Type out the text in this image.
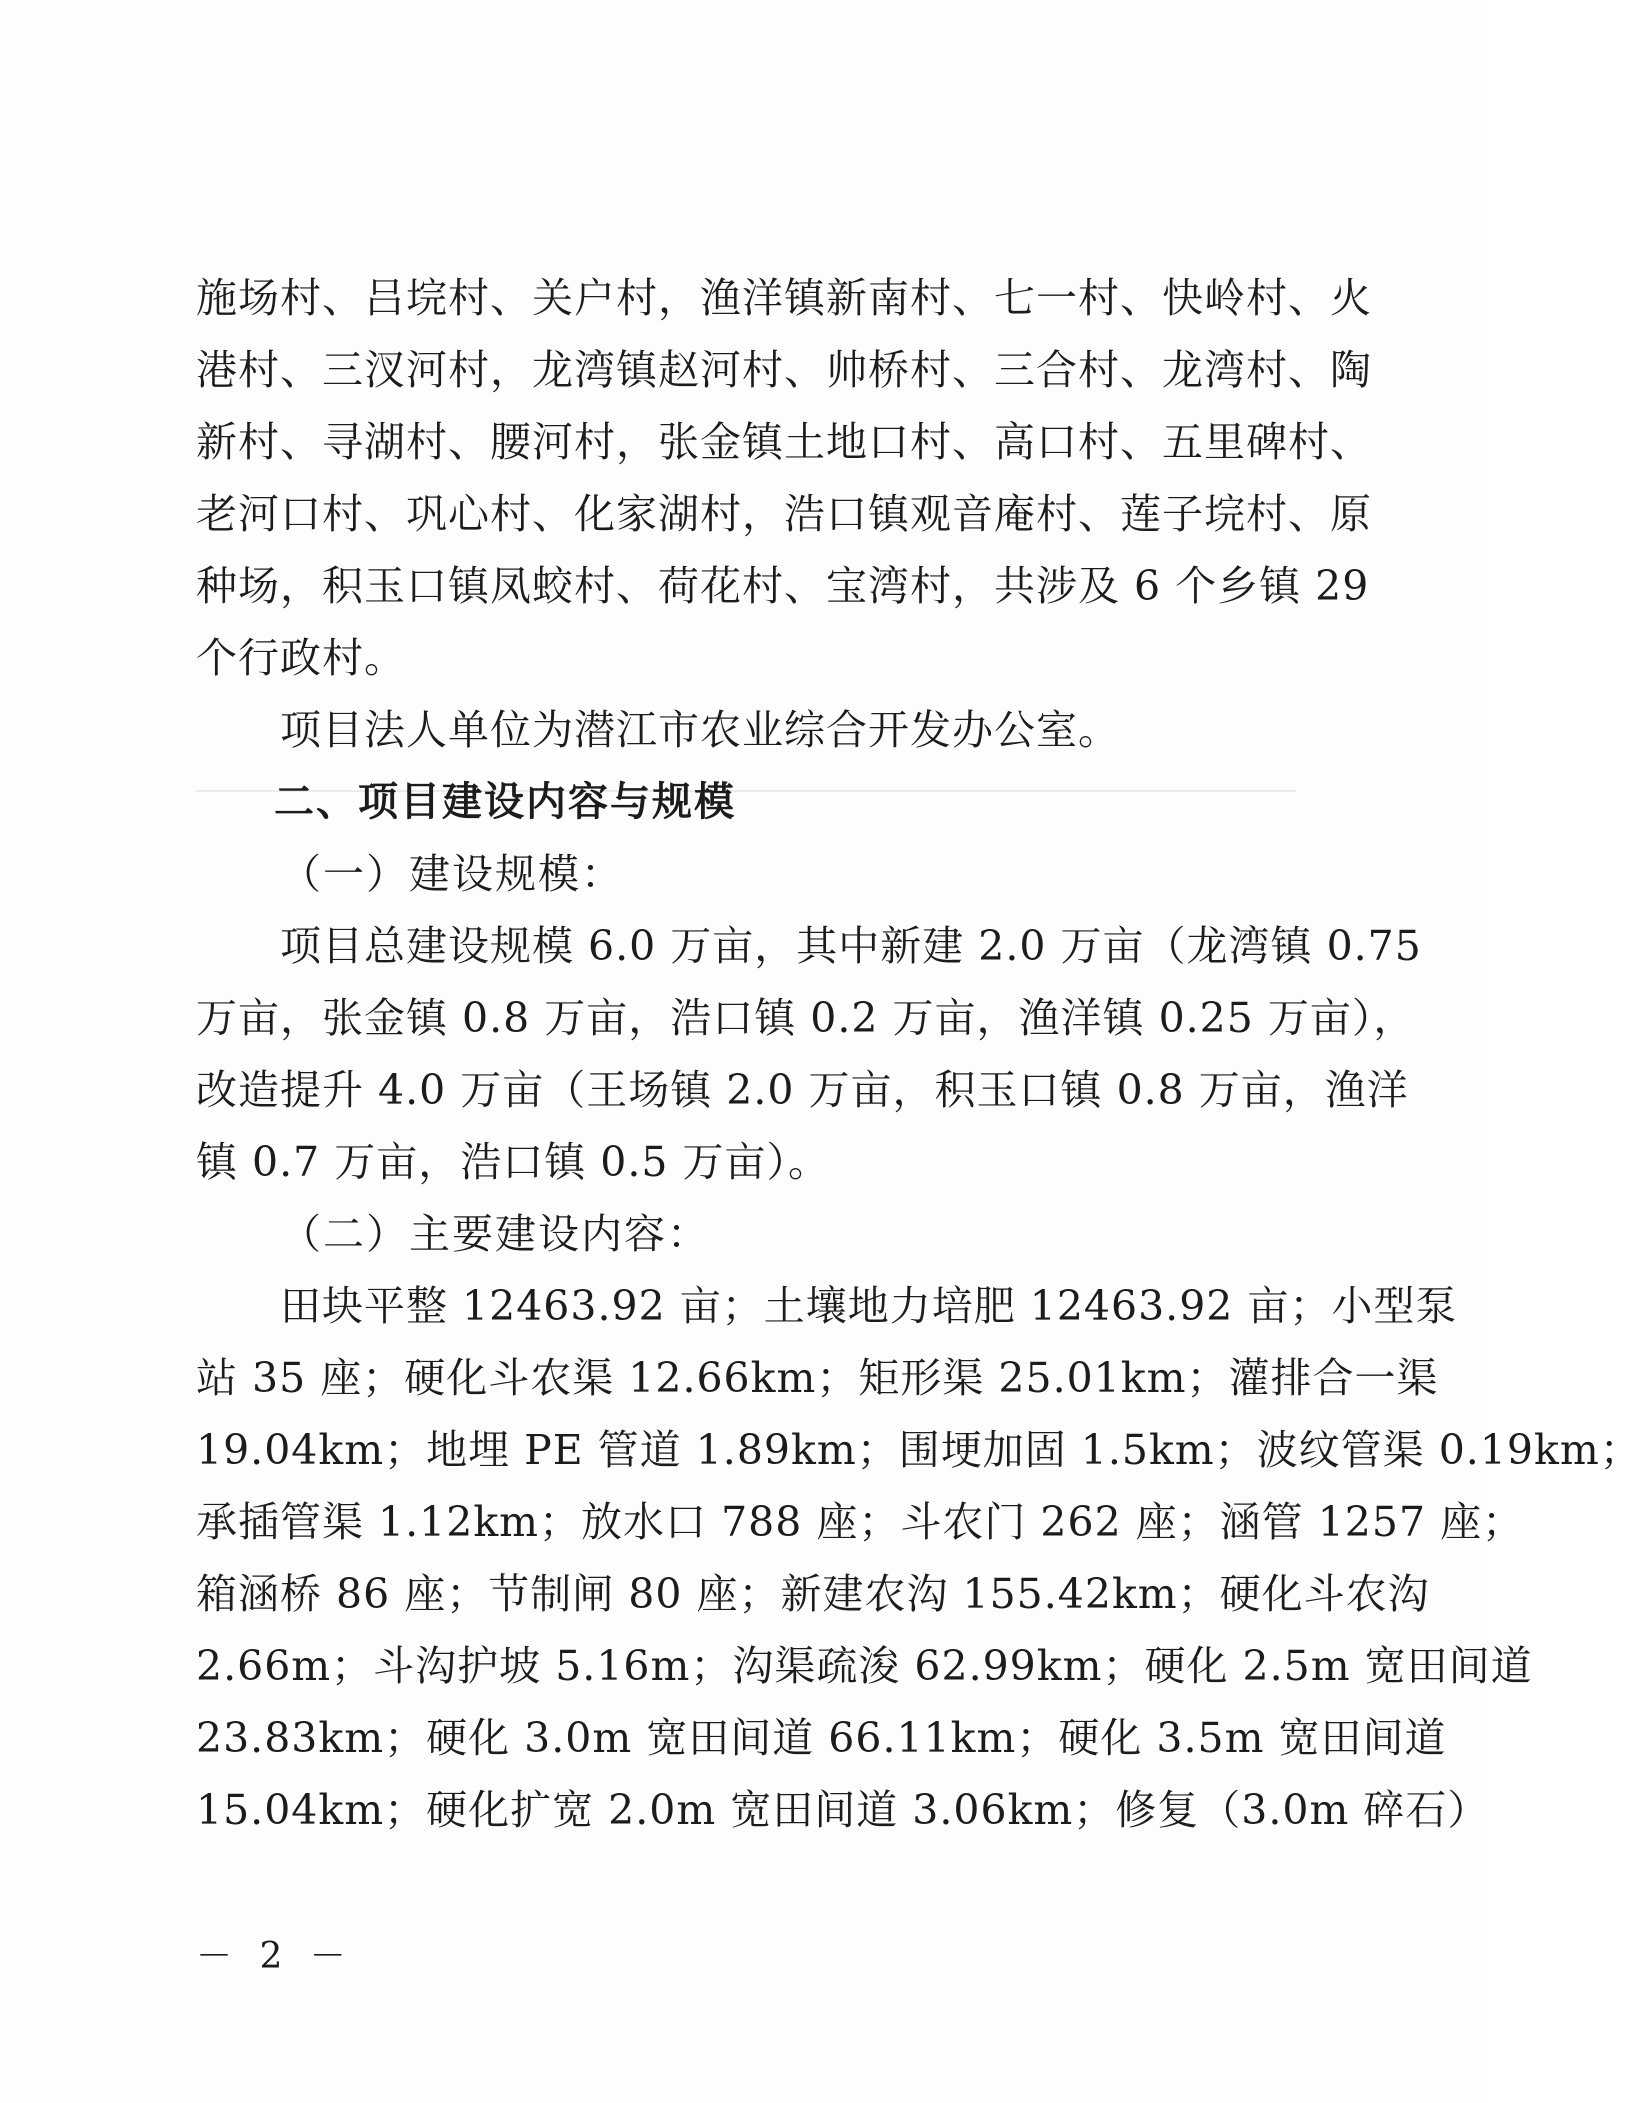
施场村、吕垸村、关户村，渔洋镇新南村、七一村、快岭村、火
港村、三汊河村，龙湾镇赵河村、帅桥村、三合村、龙湾村、陶
新村、寻湖村、腰河村，张金镇土地口村、高口村、五里碑村、
老河口村、巩心村、化家湖村，浩口镇观音庵村、莲子垸村、原
种场，积玉口镇凤蛟村、荷花村、宝湾村，共涉及 6 个乡镇 29
个行政村。
项目法人单位为潜江市农业综合开发办公室。
二、项目建设内容与规模
（一）建设规模：
项目总建设规模 6.0 万亩，其中新建 2.0 万亩（龙湾镇 0.75
万亩，张金镇 0.8 万亩，浩口镇 0.2 万亩，渔洋镇 0.25 万亩），
改造提升 4.0 万亩（王场镇 2.0 万亩，积玉口镇 0.8 万亩，渔洋
镇 0.7 万亩，浩口镇 0.5 万亩）。
（二）主要建设内容：
田块平整 12463.92 亩；土壤地力培肥 12463.92 亩；小型泵
站 35 座；硬化斗农渠 12.66km；矩形渠 25.01km；灌排合一渠
19.04km；地埋 PE 管道 1.89km；围埂加固 1.5km；波纹管渠 0.19km；
承插管渠 1.12km；放水口 788 座；斗农门 262 座；涵管 1257 座；
箱涵桥 86 座；节制闸 80 座；新建农沟 155.42km；硬化斗农沟
2.66m；斗沟护坡 5.16m；沟渠疏浚 62.99km；硬化 2.5m 宽田间道
23.83km；硬化 3.0m 宽田间道 66.11km；硬化 3.5m 宽田间道
15.04km；硬化扩宽 2.0m 宽田间道 3.06km；修复（3.0m 碎石）
－ 2 －
